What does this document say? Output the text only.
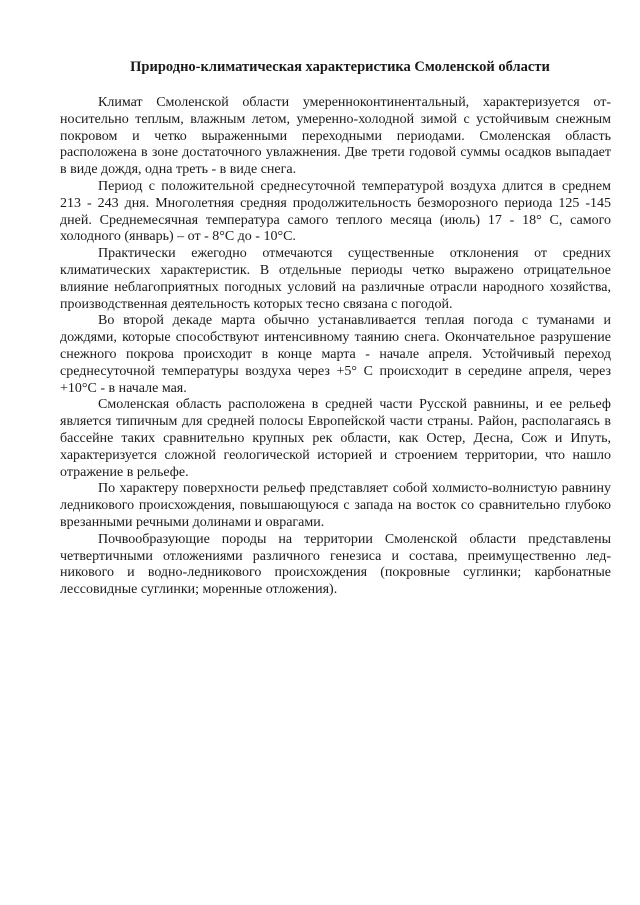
Природно-климатическая характеристика Смоленской области

Климат Смоленской области умеренноконтинентальный, характеризуется относительно теплым, влажным летом, умеренно-холодной зимой с устойчивым снежным покровом и четко выраженными переходными периодами. Смоленская область расположена в зоне достаточного увлажнения. Две трети годовой суммы осадков выпадает в виде дождя, одна треть - в виде снега.

Период с положительной среднесуточной температурой воздуха длится в среднем 213 - 243 дня. Многолетняя средняя продолжительность безморозного периода 125 -145 дней. Среднемесячная температура самого теплого месяца (июль) 17 - 18° С, самого холодного (январь) – от - 8°С до - 10°С.

Практически ежегодно отмечаются существенные отклонения от средних климатических характеристик. В отдельные периоды четко выражено отрицательное влияние неблагоприятных погодных условий на различные отрасли народного хозяйства, производственная деятельность которых тесно связана с погодой.

Во второй декаде марта обычно устанавливается теплая погода с туманами и дождями, которые способствуют интенсивному таянию снега. Окончательное разрушение снежного покрова происходит в конце марта - начале апреля. Устойчивый переход среднесуточной температуры воздуха через +5° С происходит в середине апреля, через +10°С - в начале мая.

Смоленская область расположена в средней части Русской равнины, и ее рельеф является типичным для средней полосы Европейской части страны. Район, располагаясь в бассейне таких сравнительно крупных рек области, как Остер, Десна, Сож и Ипуть, характеризуется сложной геологической историей и строением территории, что нашло отражение в рельефе.

По характеру поверхности рельеф представляет собой холмисто-волнистую равнину ледникового происхождения, повышающуюся с запада на восток со сравнительно глубоко врезанными речными долинами и оврагами.

Почвообразующие породы на территории Смоленской области представлены четвертичными отложениями различного генезиса и состава, преимущественно ледникового и водно-ледникового происхождения (покровные суглинки; карбонатные лессовидные суглинки; моренные отложения).
